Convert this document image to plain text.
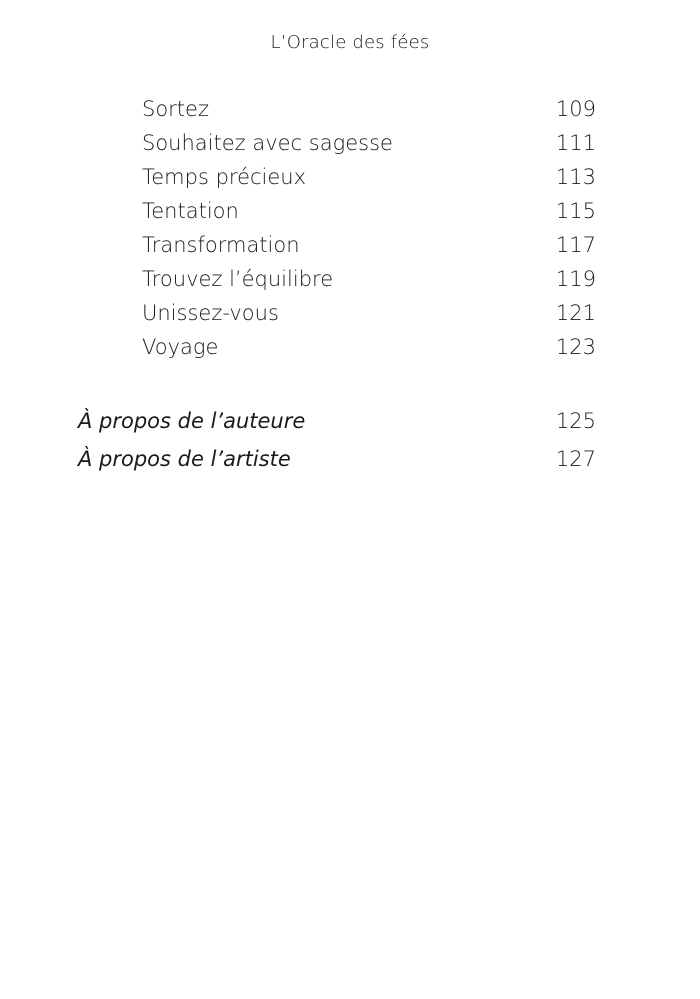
L’Oracle des fées
Sortez	109
Souhaitez avec sagesse	111
Temps précieux	113
Tentation	115
Transformation	117
Trouvez l’équilibre	119
Unissez-vous	121
Voyage	123
À propos de l’auteure	125
À propos de l’artiste	127
